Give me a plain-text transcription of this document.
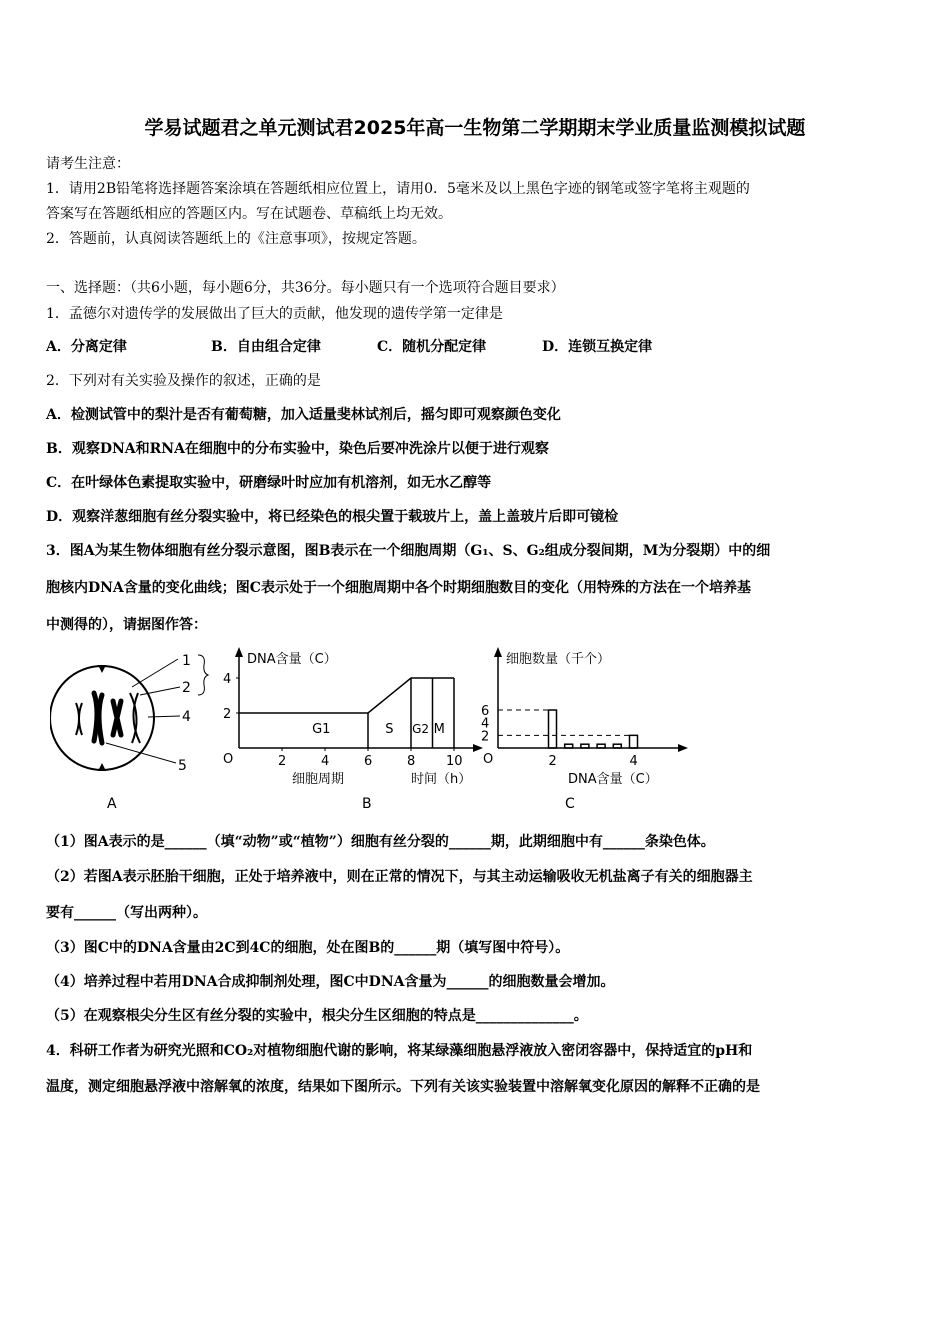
学易试题君之单元测试君2025年高一生物第二学期期末学业质量监测模拟试题
请考生注意：
1．请用2B铅笔将选择题答案涂填在答题纸相应位置上，请用0．5毫米及以上黑色字迹的钢笔或签字笔将主观题的
答案写在答题纸相应的答题区内。写在试题卷、草稿纸上均无效。
2．答题前，认真阅读答题纸上的《注意事项》，按规定答题。
一、选择题：（共6小题，每小题6分，共36分。每小题只有一个选项符合题目要求）
1．孟德尔对遗传学的发展做出了巨大的贡献，他发现的遗传学第一定律是
A．分离定律	B．自由组合定律	C．随机分配定律	D．连锁互换定律
2．下列对有关实验及操作的叙述，正确的是
A．检测试管中的梨汁是否有葡萄糖，加入适量斐林试剂后，摇匀即可观察颜色变化
B．观察DNA和RNA在细胞中的分布实验中，染色后要冲洗涂片以便于进行观察
C．在叶绿体色素提取实验中，研磨绿叶时应加有机溶剂，如无水乙醇等
D．观察洋葱细胞有丝分裂实验中，将已经染色的根尖置于载玻片上，盖上盖玻片后即可镜检
3．图A为某生物体细胞有丝分裂示意图，图B表示在一个细胞周期（G₁、S、G₂组成分裂间期，M为分裂期）中的细
胞核内DNA含量的变化曲线；图C表示处于一个细胞周期中各个时期细胞数目的变化（用特殊的方法在一个培养基
中测得的），请据图作答：
1
2
4
5
A
DNA含量（C）
O
细胞周期	时间（h）
B
4
2
2	4	6	8 10
G1	S G2 M
细胞数量（千个）
O
DNA含量（C）
C
6
4
2
2	4
（1）图A表示的是______（填“动物”或“植物”）细胞有丝分裂的______期，此期细胞中有______条染色体。
（2）若图A表示胚胎干细胞，正处于培养液中，则在正常的情况下，与其主动运输吸收无机盐离子有关的细胞器主
要有______（写出两种）。
（3）图C中的DNA含量由2C到4C的细胞，处在图B的______期（填写图中符号）。
（4）培养过程中若用DNA合成抑制剂处理，图C中DNA含量为______的细胞数量会增加。
（5）在观察根尖分生区有丝分裂的实验中，根尖分生区细胞的特点是______________。
4．科研工作者为研究光照和CO₂对植物细胞代谢的影响，将某绿藻细胞悬浮液放入密闭容器中，保持适宜的pH和
温度，测定细胞悬浮液中溶解氧的浓度，结果如下图所示。下列有关该实验装置中溶解氧变化原因的解释不正确的是
